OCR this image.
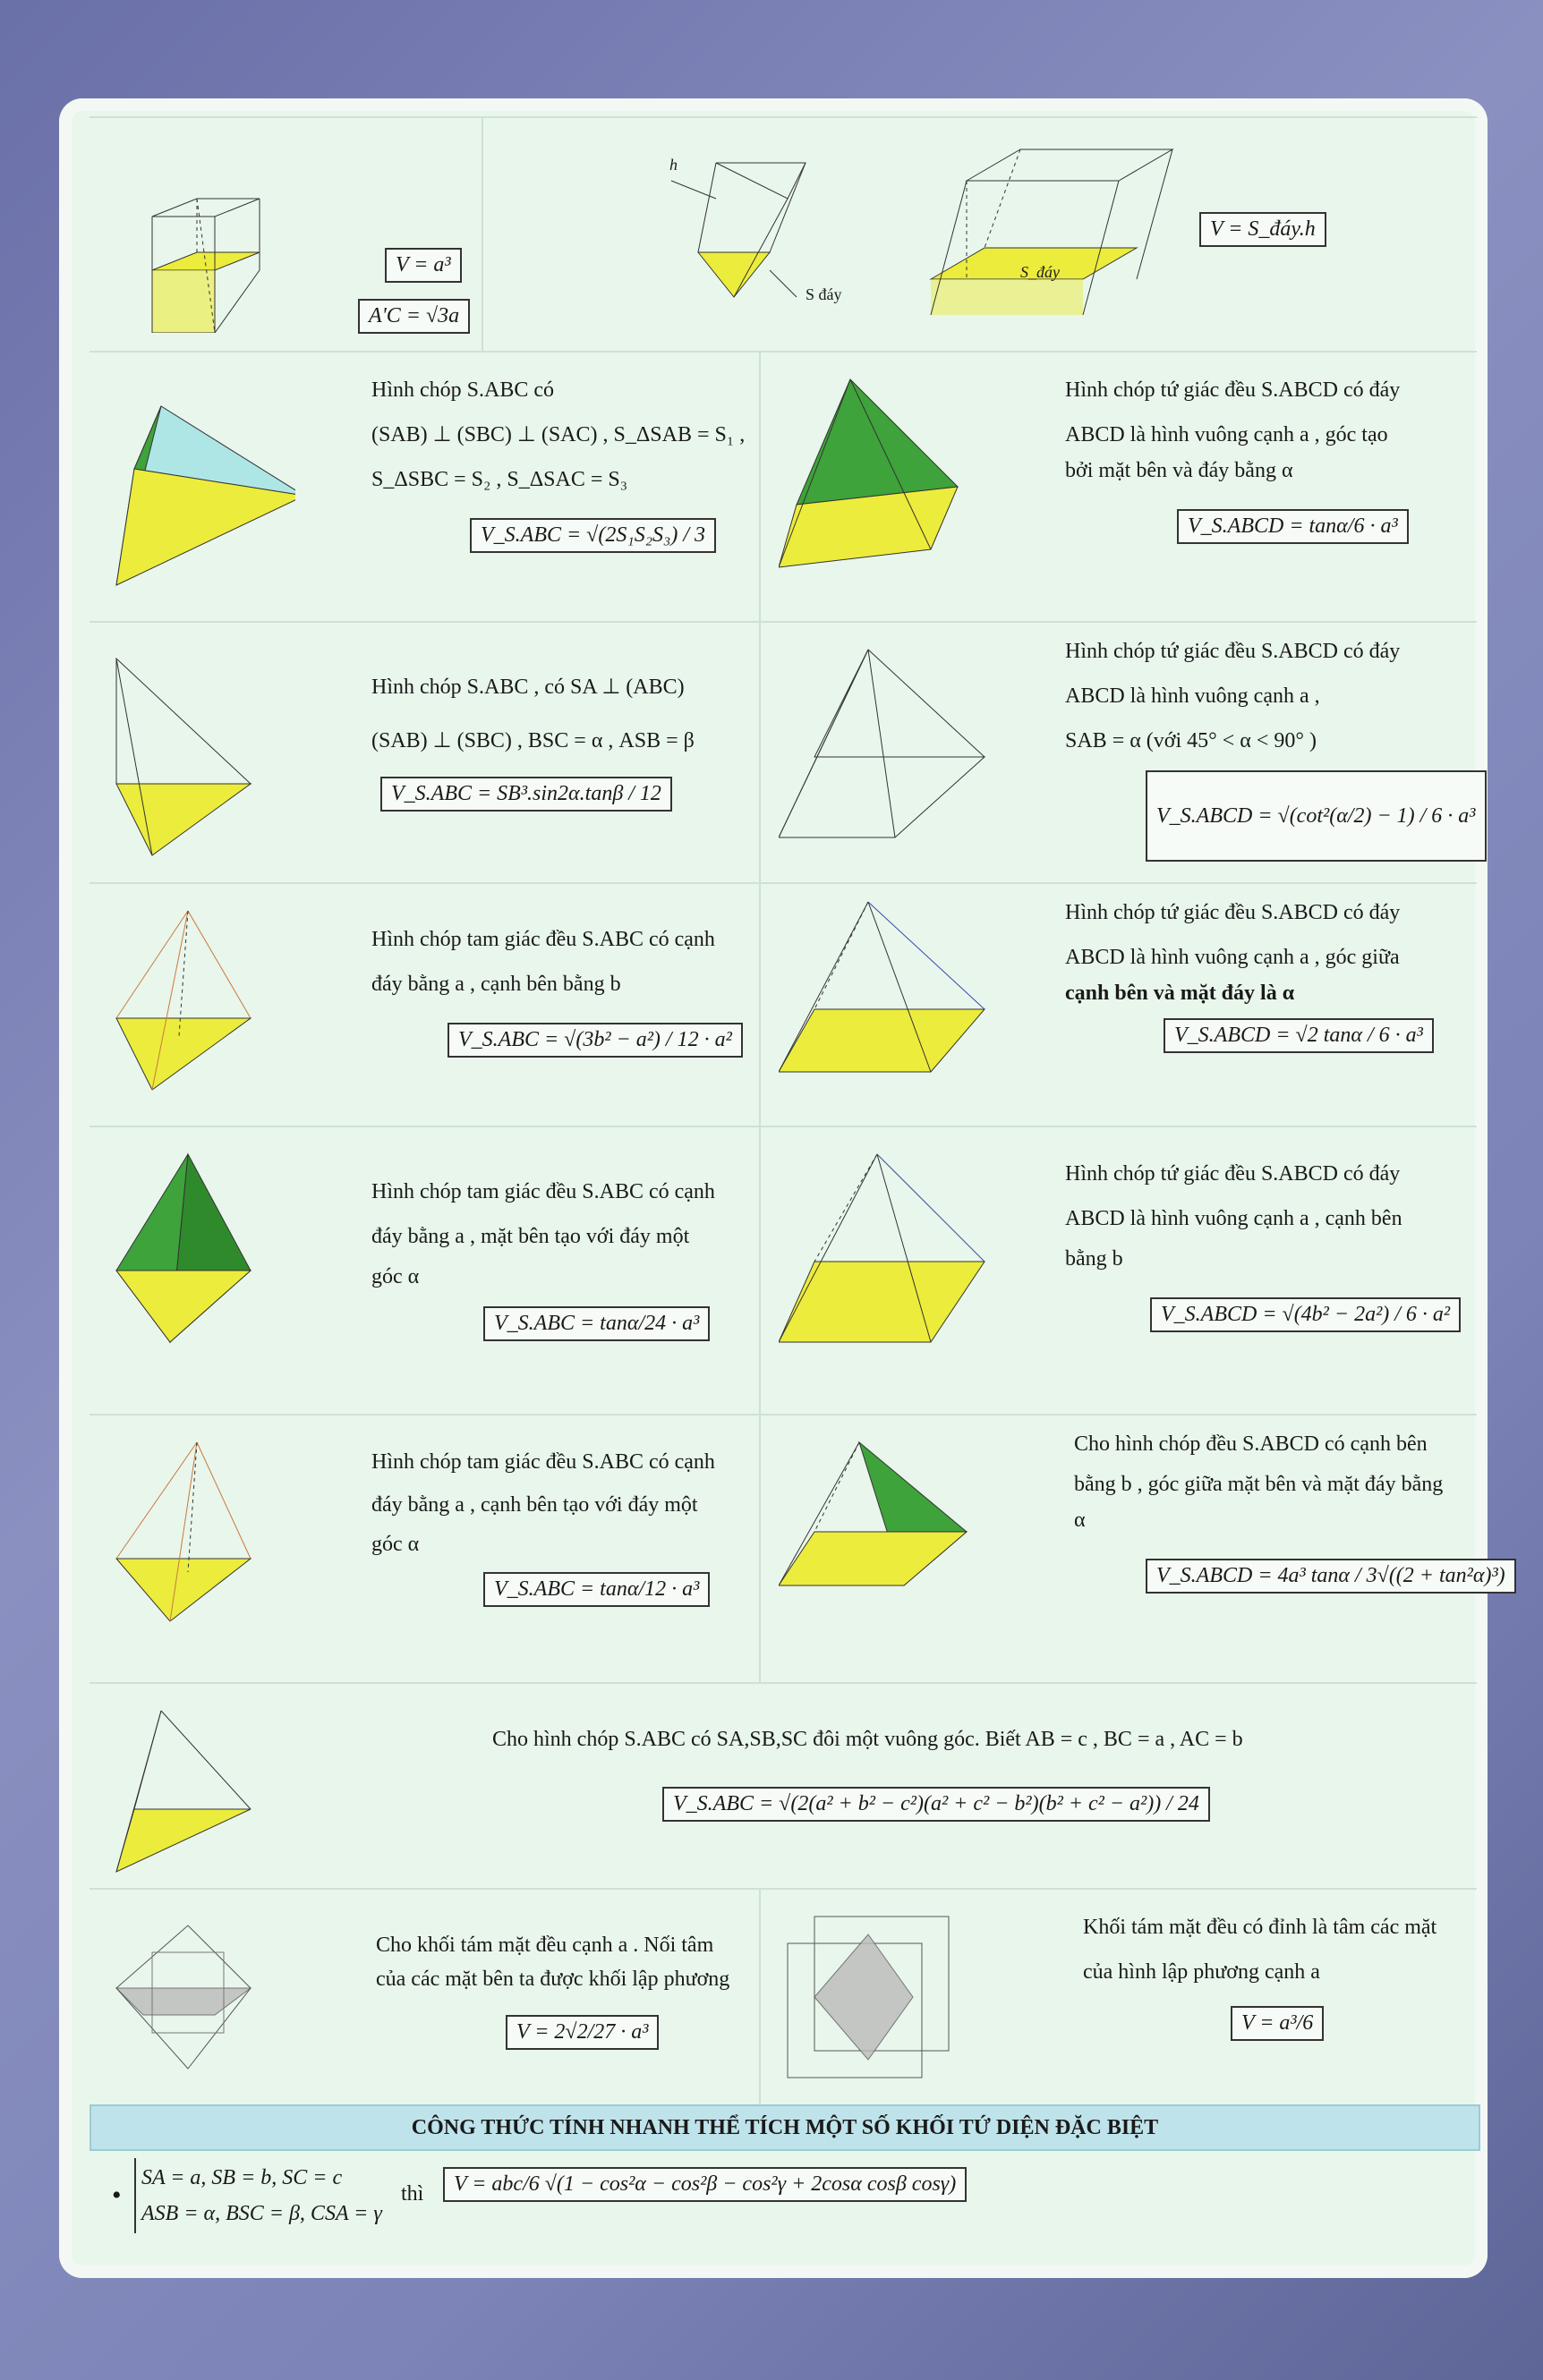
V = a³
A'C = √3a
S đáy
h
S_đáy
V = S_đáy.h
Hình chóp S.ABC có
(SAB) ⊥ (SBC) ⊥ (SAC) , S_ΔSAB = S₁ ,
S_ΔSBC = S₂ , S_ΔSAC = S₃
V_S.ABC = √(2S₁S₂S₃) / 3
Hình chóp tứ giác đều S.ABCD có đáy
ABCD là hình vuông cạnh a , góc tạo
bởi mặt bên và đáy bằng α
V_S.ABCD = tanα/6 · a³
Hình chóp S.ABC , có SA ⊥ (ABC)
(SAB) ⊥ (SBC) , BSC = α , ASB = β
V_S.ABC = SB³.sin2α.tanβ / 12
Hình chóp tứ giác đều S.ABCD có đáy
ABCD là hình vuông cạnh a ,
SAB = α (với 45° < α < 90° )
V_S.ABCD = √(cot²(α/2) − 1) / 6 · a³
Hình chóp tam giác đều S.ABC có cạnh
đáy bằng a , cạnh bên bằng b
V_S.ABC = √(3b² − a²) / 12 · a²
Hình chóp tứ giác đều S.ABCD có đáy
ABCD là hình vuông cạnh a , góc giữa
cạnh bên và mặt đáy là α
V_S.ABCD = √2 tanα / 6 · a³
Hình chóp tam giác đều S.ABC có cạnh
đáy bằng a , mặt bên tạo với đáy một
góc α
V_S.ABC = tanα/24 · a³
Hình chóp tứ giác đều S.ABCD có đáy
ABCD là hình vuông cạnh a , cạnh bên
bằng b
V_S.ABCD = √(4b² − 2a²) / 6 · a²
Hình chóp tam giác đều S.ABC có cạnh
đáy bằng a , cạnh bên tạo với đáy một
góc α
V_S.ABC = tanα/12 · a³
Cho hình chóp đều S.ABCD có cạnh bên
bằng b , góc giữa mặt bên và mặt đáy bằng
α
V_S.ABCD = 4a³ tanα / 3√((2 + tan²α)³)
Cho hình chóp S.ABC có SA,SB,SC đôi một vuông góc. Biết AB = c , BC = a , AC = b
V_S.ABC = √(2(a² + b² − c²)(a² + c² − b²)(b² + c² − a²)) / 24
Cho khối tám mặt đều cạnh a . Nối tâm
của các mặt bên ta được khối lập phương
V = 2√2/27 · a³
Khối tám mặt đều có đỉnh là tâm các mặt
của hình lập phương cạnh a
V = a³/6
CÔNG THỨC TÍNH NHANH THỂ TÍCH MỘT SỐ KHỐI TỨ DIỆN ĐẶC BIỆT
•
SA = a, SB = b, SC = c
ASB = α, BSC = β, CSA = γ
thì	V = abc/6 √(1 − cos²α − cos²β − cos²γ + 2cosα cosβ cosγ)
